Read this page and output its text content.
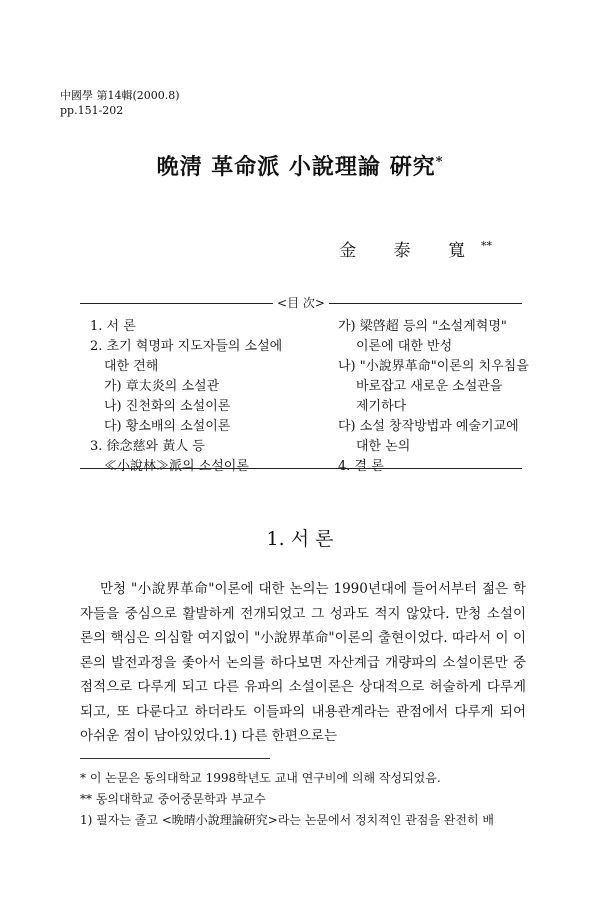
中國學 第14輯(2000.8)
pp.151-202
晩淸 革命派 小說理論 硏究*
金 泰 寬**
<目 次>
1. 서 론
2. 초기 혁명파 지도자들의 소설에
대한 견해
가) 章太炎의 소설관
나) 진천화의 소설이론
다) 황소배의 소설이론
3. 徐念慈와 黃人 등
≪小說林≫派의 소설이론
가) 梁啓超 등의 "소설계혁명"
이론에 대한 반성
나) "小說界革命"이론의 치우침을
바로잡고 새로운 소설관을
제기하다
다) 소설 창작방법과 예술기교에
대한 논의
4. 결 론
1. 서 론

만청 "小說界革命"이론에 대한 논의는 1990년대에 들어서부터 젊은 학자들을 중심으로 활발하게 전개되었고 그 성과도 적지 않았다. 만청 소설이론의 핵심은 의심할 여지없이 "小說界革命"이론의 출현이었다. 따라서 이 이론의 발전과정을 좇아서 논의를 하다보면 자산계급 개량파의 소설이론만 중점적으로 다루게 되고 다른 유파의 소설이론은 상대적으로 허술하게 다루게 되고, 또 다룬다고 하더라도 이들파의 내용관계라는 관점에서 다루게 되어 아쉬운 점이 남아있었다.1) 다른 한편으로는

* 이 논문은 동의대학교 1998학년도 교내 연구비에 의해 작성되었음.
** 동의대학교 중어중문학과 부교수
1) 필자는 졸고 <晩晴小說理論硏究>라는 논문에서 정치적인 관점을 완전히 배
